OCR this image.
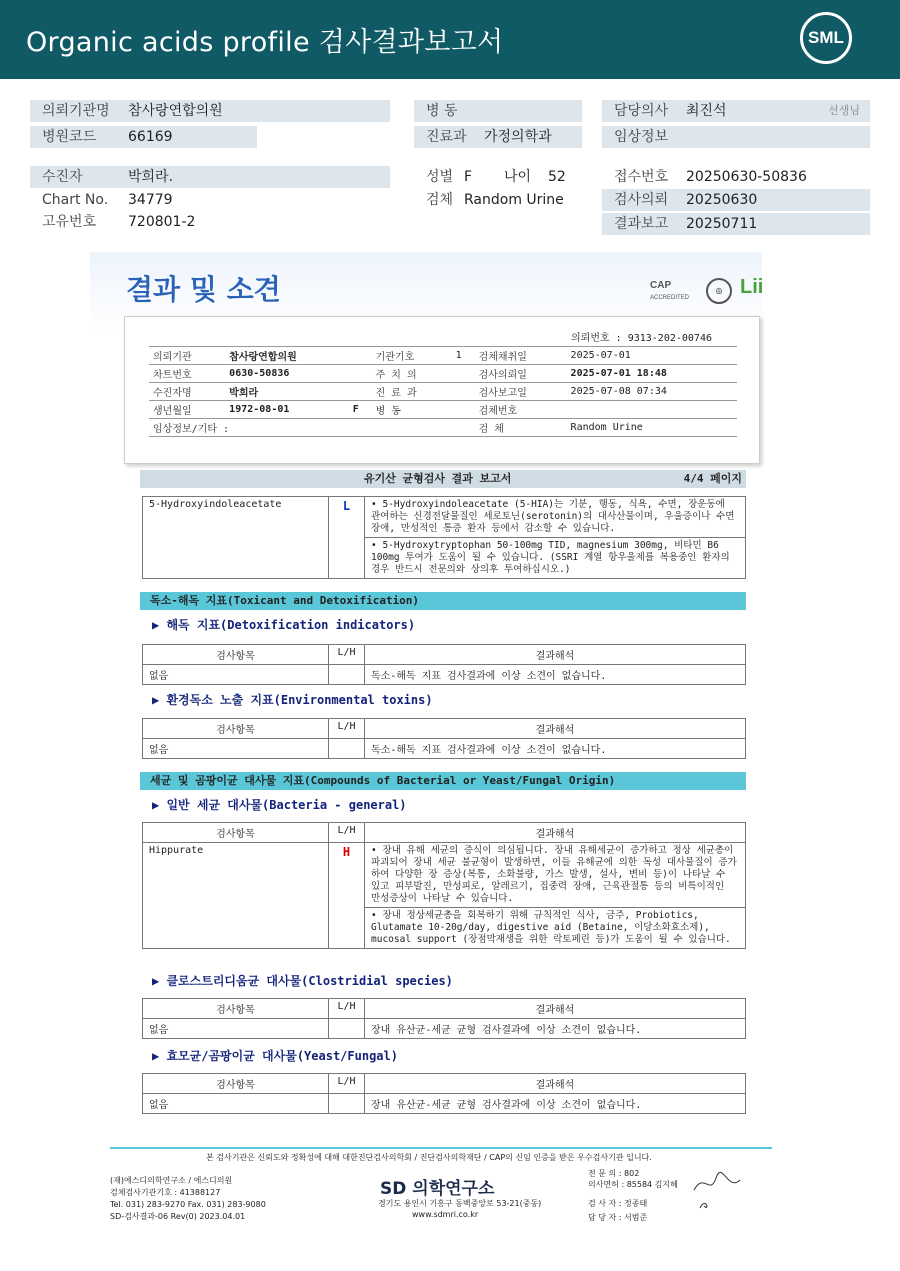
Organic acids profile 검사결과보고서	SML
의뢰기관명 참사랑연합의원
병원코드 66169
병 동
진료과 가정의학과
담당의사 최진석	선생님
임상정보
수진자	박희라.
Chart No. 34779
고유번호 720801-2
성별 F 나이 52
검체 Random Urine
접수번호 20250630-50836
검사의뢰 20250630
결과보고 20250711
결과 및 소견	CAP
ACCREDITED
◎ Lii
의뢰번호 : 9313-202-00746
의뢰기관	참사랑연합의원		기관기호	1	검체채취일	2025-07-01
차트번호	0630-50836		주 치 의		검사의뢰일	2025-07-01 18:48
수진자명	박희라		진 료 과		검사보고일	2025-07-08 07:34
생년월일	1972-08-01	F	병 동		검체번호	
임상정보/기타 :					검 체	Random Urine
유기산 균형검사 결과 보고서	4/4 페이지
5-Hydroxyindoleacetate	L	• 5-Hydroxyindoleacetate (5-HIA)는 기분, 행동, 식욕, 수면, 장운동에 관여하는 신경전달물질인 세로토닌(serotonin)의 대사산물이며, 우울증이나 수면장애, 만성적인 통증 환자 등에서 감소할 수 있습니다.
• 5-Hydroxytryptophan 50-100mg TID, magnesium 300mg, 비타민 B6 100mg 투여가 도움이 될 수 있습니다. (SSRI 계열 항우울제를 복용중인 환자의 경우 반드시 전문의와 상의후 투여하십시오.)
독소-해독 지표(Toxicant and Detoxification)
▶ 해독 지표(Detoxification indicators)
검사항목	L/H	결과해석
없음		독소-해독 지표 검사결과에 이상 소견이 없습니다.
▶ 환경독소 노출 지표(Environmental toxins)
검사항목	L/H	결과해석
없음		독소-해독 지표 검사결과에 이상 소견이 없습니다.
세균 및 곰팡이균 대사물 지표(Compounds of Bacterial or Yeast/Fungal Origin)
▶ 일반 세균 대사물(Bacteria - general)
검사항목	L/H	결과해석
Hippurate	H	• 장내 유해 세균의 증식이 의심됩니다. 장내 유해세균이 증가하고 정상 세균총이 파괴되어 장내 세균 불균형이 발생하면, 이들 유해균에 의한 독성 대사물질이 증가하여 다양한 장 증상(복통, 소화불량, 가스 발생, 설사, 변비 등)이 나타날 수 있고 피부발진, 만성피로, 알레르기, 집중력 장애, 근육관절통 등의 비특이적인 만성증상이 나타날 수 있습니다.
		• 장내 정상세균총을 회복하기 위해 규칙적인 식사, 금주, Probiotics, Glutamate 10-20g/day, digestive aid (Betaine, 이당소화효소제), mucosal support (장점막재생을 위한 락토페린 등)가 도움이 될 수 있습니다.
▶ 클로스트리디움균 대사물(Clostridial species)
검사항목	L/H	결과해석
없음		장내 유산균-세균 균형 검사결과에 이상 소견이 없습니다.
▶ 효모균/곰팡이균 대사물(Yeast/Fungal)
검사항목	L/H	결과해석
없음		장내 유산균-세균 균형 검사결과에 이상 소견이 없습니다.
본 검사기관은 신뢰도와 정확성에 대해 대한진단검사의학회 / 진단검사의학재단 / CAP의 신임 인증을 받은 우수검사기관 입니다.
(재)에스디의학연구소 / 에스디의원
검체검사기관기호 : 41388127
Tel. 031) 283-9270 Fax. 031) 283-9080
SD-검사결과-06 Rev(0) 2023.04.01
SD 의학연구소
경기도 용인시 기흥구 동백중앙로 53-21(중동)
www.sdmri.co.kr
전 문 의 : 802
의사면허 : 85584 김지혜
검 사 자 : 정종태
담 당 자 : 서범준
